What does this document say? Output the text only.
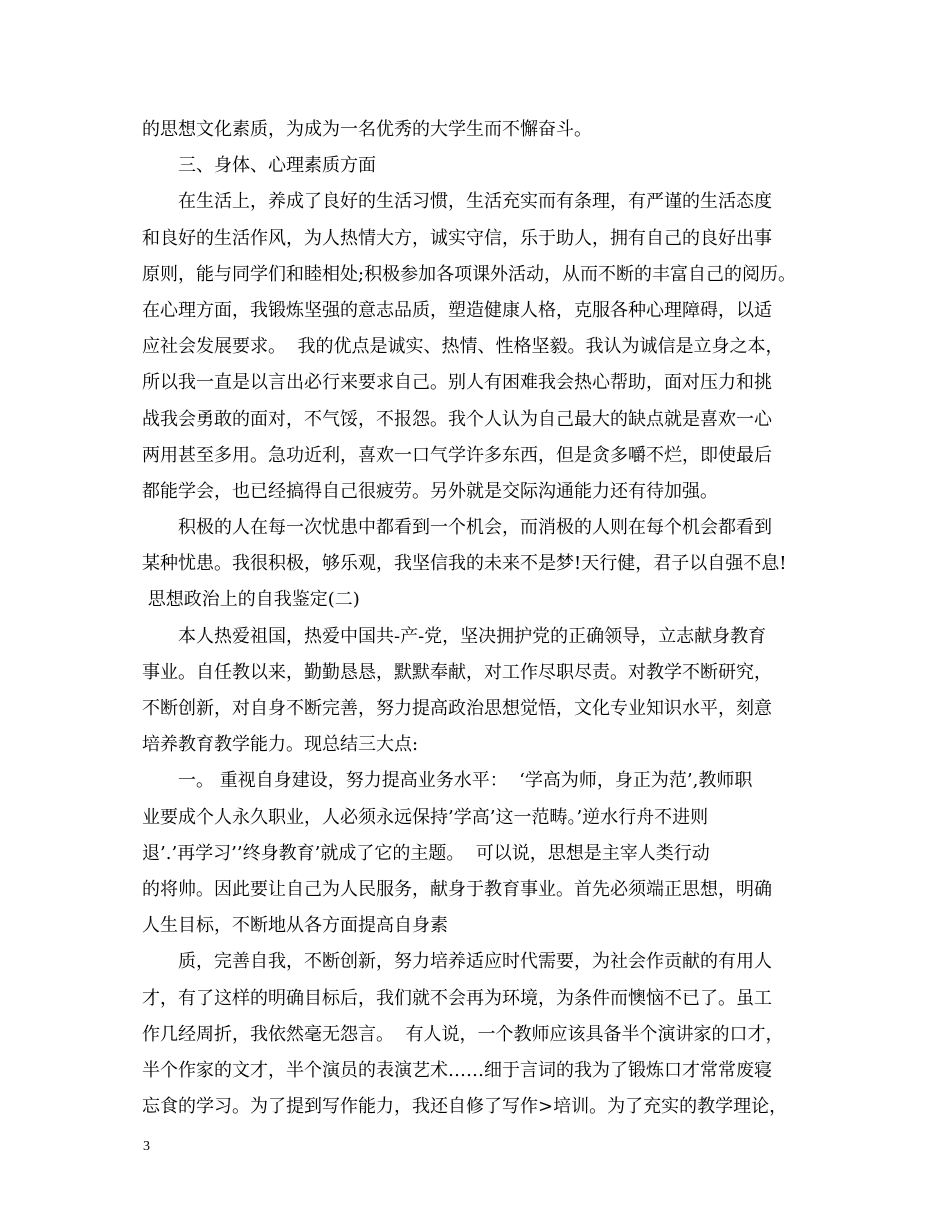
的思想文化素质，为成为一名优秀的大学生而不懈奋斗。

　　三、身体、心理素质方面

　　在生活上，养成了良好的生活习惯，生活充实而有条理，有严谨的生活态度

和良好的生活作风，为人热情大方，诚实守信，乐于助人，拥有自己的良好出事

原则，能与同学们和睦相处;积极参加各项课外活动，从而不断的丰富自己的阅历。

在心理方面，我锻炼坚强的意志品质，塑造健康人格，克服各种心理障碍，以适

应社会发展要求。  我的优点是诚实、热情、性格坚毅。我认为诚信是立身之本，

所以我一直是以言出必行来要求自己。别人有困难我会热心帮助，面对压力和挑

战我会勇敢的面对，不气馁，不报怨。我个人认为自己最大的缺点就是喜欢一心

两用甚至多用。急功近利，喜欢一口气学许多东西，但是贪多嚼不烂，即使最后

都能学会，也已经搞得自己很疲劳。另外就是交际沟通能力还有待加强。

　　积极的人在每一次忧患中都看到一个机会，而消极的人则在每个机会都看到

某种忧患。我很积极，够乐观，我坚信我的未来不是梦!天行健，君子以自强不息!

思想政治上的自我鉴定(二)

　　本人热爱祖国，热爱中国共-产-党，坚决拥护党的正确领导，立志献身教育

事业。自任教以来，勤勤恳恳，默默奉献，对工作尽职尽责。对教学不断研究，

不断创新，对自身不断完善，努力提高政治思想觉悟，文化专业知识水平，刻意

培养教育教学能力。现总结三大点:

　　一。 重视自身建设，努力提高业务水平：  ‘学高为师，身正为范’,教师职

业要成个人永久职业，人必须永远保持’学高’这一范畴。’逆水行舟不进则

退’.’再学习’’终身教育’就成了它的主题。  可以说，思想是主宰人类行动

的将帅。因此要让自己为人民服务，献身于教育事业。首先必须端正思想，明确

人生目标，不断地从各方面提高自身素

　　质，完善自我，不断创新，努力培养适应时代需要，为社会作贡献的有用人

才，有了这样的明确目标后，我们就不会再为环境，为条件而懊恼不已了。虽工

作几经周折，我依然毫无怨言。  有人说，一个教师应该具备半个演讲家的口才，

半个作家的文才，半个演员的表演艺术……细于言词的我为了锻炼口才常常废寝

忘食的学习。为了提到写作能力，我还自修了写作>培训。为了充实的教学理论，

3
